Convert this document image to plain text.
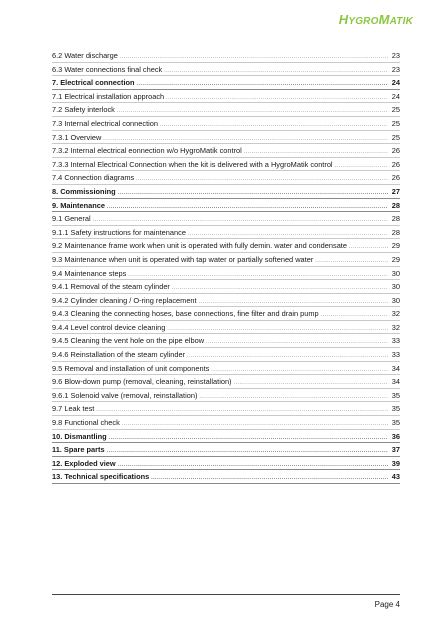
HYGROMATIK
6.2 Water discharge . . .	23
6.3 Water connections final check . . .	23
7. Electrical connection . . .	24
7.1 Electrical installation approach . . .	24
7.2 Safety interlock . . .	25
7.3 Internal electrical connection . . .	25
7.3.1 Overview . . .	25
7.3.2 Internal electrical eonnection w/o HygroMatik control . . .	26
7.3.3 Internal Electrical Connection when the kit is delivered with a HygroMatik control . . .	26
7.4 Connection diagrams . . .	26
8. Commissioning . . .	27
9. Maintenance . . .	28
9.1 General . . .	28
9.1.1 Safety instructions for maintenance . . .	28
9.2 Maintenance frame work when unit is operated with fully demin. water and condensate . . .	29
9.3 Maintenance when unit is operated with tap water or partially softened water . . .	29
9.4 Maintenance steps . . .	30
9.4.1 Removal of the steam cylinder . . .	30
9.4.2 Cylinder cleaning / O-ring replacement . . .	30
9.4.3 Cleaning the connecting hoses, base connections, fine filter and drain pump . . .	32
9.4.4 Level control device cleaning . . .	32
9.4.5 Cleaning the vent hole on the pipe elbow . . .	33
9.4.6 Reinstallation of the steam cylinder . . .	33
9.5 Removal and installation of unit components . . .	34
9.6 Blow-down pump (removal, cleaning, reinstallation) . . .	34
9.6.1 Solenoid valve (removal, reinstallation) . . .	35
9.7 Leak test . . .	35
9.8 Functional check . . .	35
10. Dismantling . . .	36
11. Spare parts . . .	37
12. Exploded view . . .	39
13. Technical specifications . . .	43
Page 4
